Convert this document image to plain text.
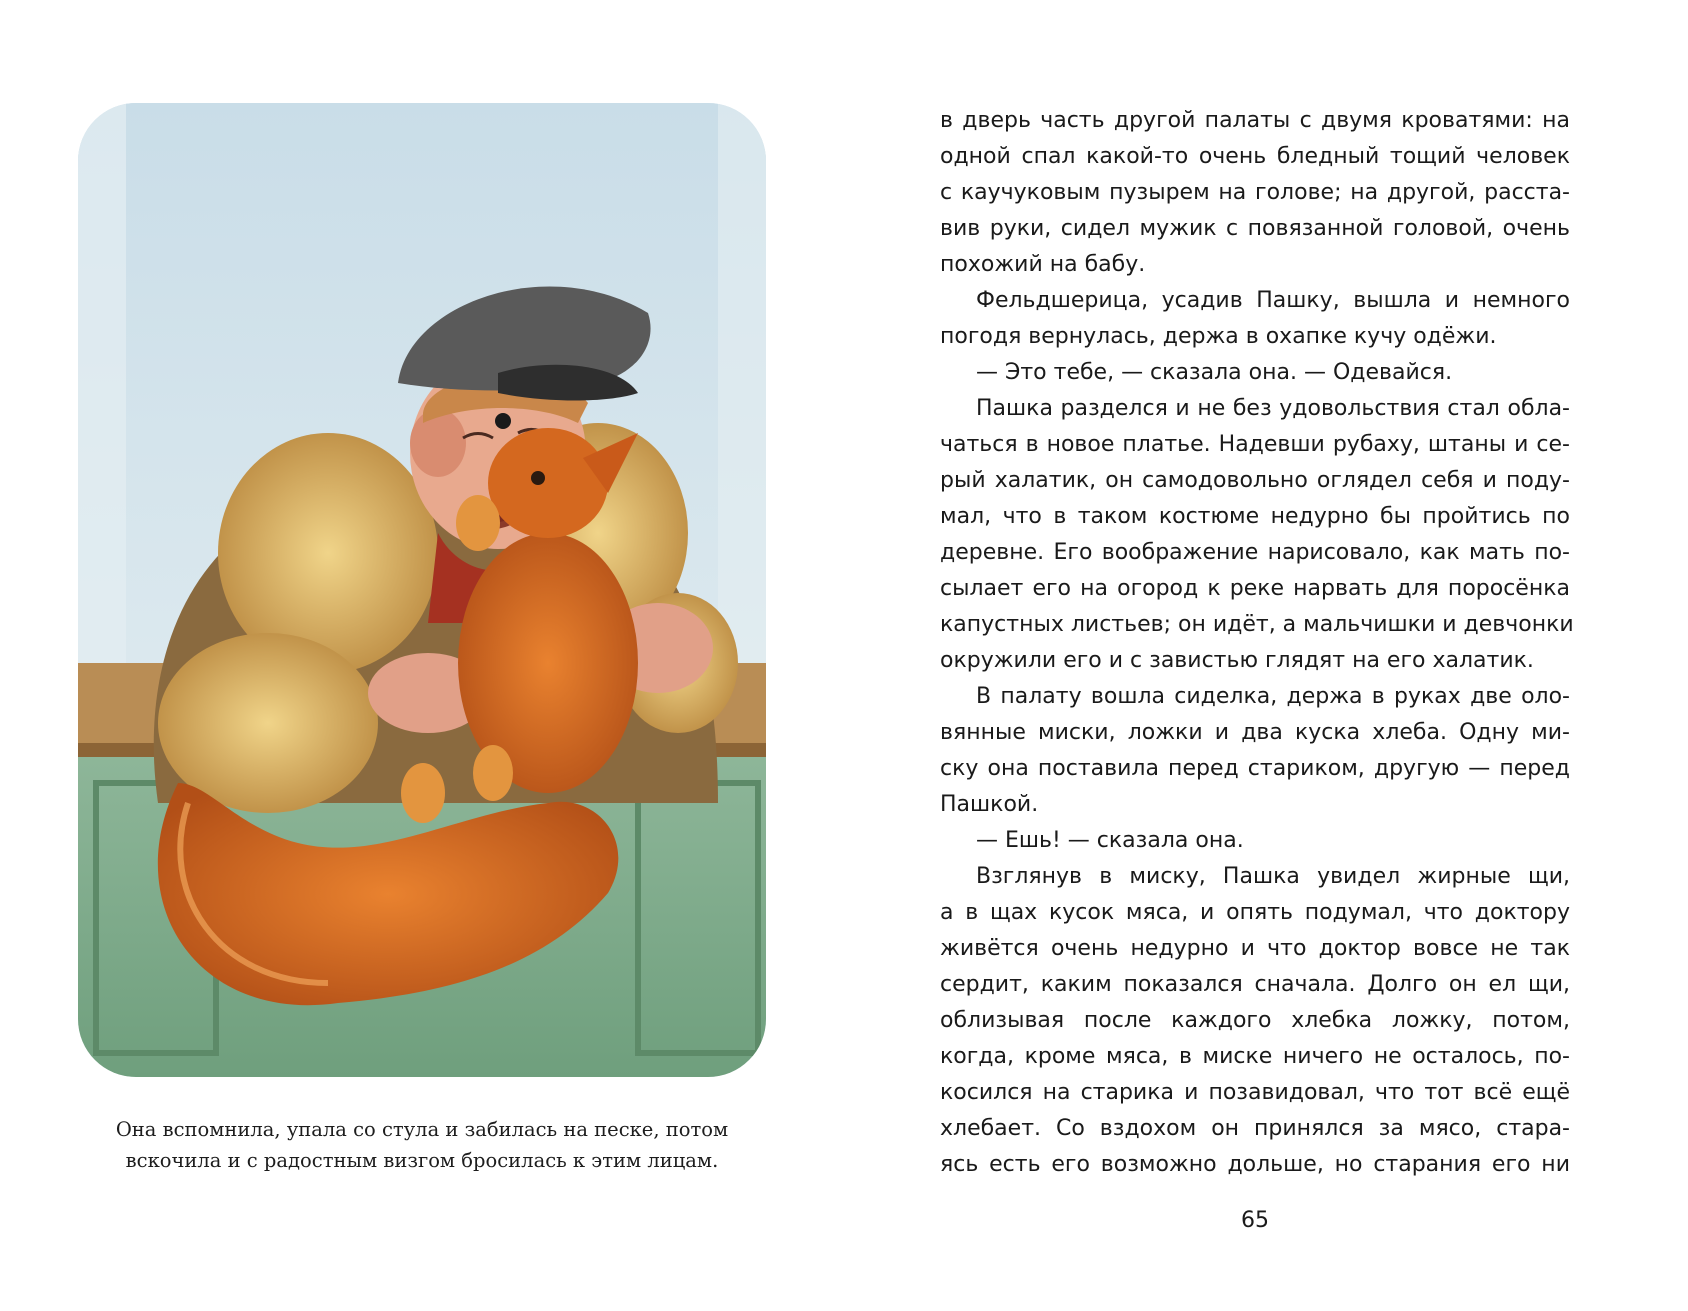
Она вспомнила, упала со стула и забилась на песке, потом
вскочила и с радостным визгом бросилась к этим лицам.
в дверь часть другой палаты с двумя кроватями: на
одной спал какой-то очень бледный тощий человек
с каучуковым пузырем на голове; на другой, расста-
вив руки, сидел мужик с повязанной головой, очень
похожий на бабу.
Фельдшерица, усадив Пашку, вышла и немного
погодя вернулась, держа в охапке кучу одёжи.
— Это тебе, — сказала она. — Одевайся.
Пашка разделся и не без удовольствия стал обла-
чаться в новое платье. Надевши рубаху, штаны и се-
рый халатик, он самодовольно оглядел себя и поду-
мал, что в таком костюме недурно бы пройтись по
деревне. Его воображение нарисовало, как мать по-
сылает его на огород к реке нарвать для поросёнка
капустных листьев; он идёт, а мальчишки и девчонки
окружили его и с завистью глядят на его халатик.
В палату вошла сиделка, держа в руках две оло-
вянные миски, ложки и два куска хлеба. Одну ми-
ску она поставила перед стариком, другую — перед
Пашкой.
— Ешь! — сказала она.
Взглянув в миску, Пашка увидел жирные щи,
а в щах кусок мяса, и опять подумал, что доктору
живётся очень недурно и что доктор вовсе не так
сердит, каким показался сначала. Долго он ел щи,
облизывая после каждого хлебка ложку, потом,
когда, кроме мяса, в миске ничего не осталось, по-
косился на старика и позавидовал, что тот всё ещё
хлебает. Со вздохом он принялся за мясо, стара-
ясь есть его возможно дольше, но старания его ни
65
